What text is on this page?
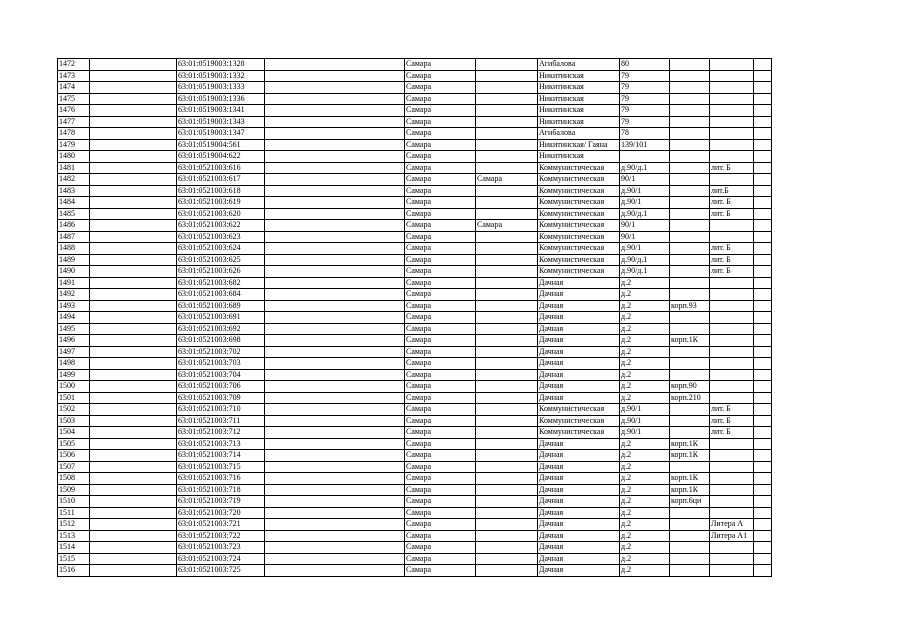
1472		63:01:0519003:1328		Самара		Агибалова	80			
1473		63:01:0519003:1332		Самара		Никитинская	79			
1474		63:01:0519003:1333		Самара		Никитинская	79			
1475		63:01:0519003:1336		Самара		Никитинская	79			
1476		63:01:0519003:1341		Самара		Никитинская	79			
1477		63:01:0519003:1343		Самара		Никитинская	79			
1478		63:01:0519003:1347		Самара		Агибалова	78			
1479		63:01:0519004:561		Самара		Никитинская/ Гаяна	139/101			
1480		63:01:0519004:622		Самара		Никитинская				
1481		63:01:0521003:616		Самара		Коммунистическая	д.90/д.1		лит. Б	
1482		63:01:0521003:617		Самара	Самара	Коммунистическая	90/1			
1483		63:01:0521003:618		Самара		Коммунистическая	д.90/1		лит.Б	
1484		63:01:0521003:619		Самара		Коммунистическая	д.90/1		лит. Б	
1485		63:01:0521003:620		Самара		Коммунистическая	д.90/д.1		лит. Б	
1486		63:01:0521003:622		Самара	Самара	Коммунистическая	90/1			
1487		63:01:0521003:623		Самара		Коммунистическая	90/1			
1488		63:01:0521003:624		Самара		Коммунистическая	д.90/1		лит. Б	
1489		63:01:0521003:625		Самара		Коммунистическая	д.90/д.1		лит. Б	
1490		63:01:0521003:626		Самара		Коммунистическая	д.90/д.1		лит. Б	
1491		63:01:0521003:682		Самара		Дачная	д.2			
1492		63:01:0521003:684		Самара		Дачная	д.2			
1493		63:01:0521003:689		Самара		Дачная	д.2	корп.93		
1494		63:01:0521003:691		Самара		Дачная	д.2			
1495		63:01:0521003:692		Самара		Дачная	д.2			
1496		63:01:0521003:698		Самара		Дачная	д.2	корп.1К		
1497		63:01:0521003:702		Самара		Дачная	д.2			
1498		63:01:0521003:703		Самара		Дачная	д.2			
1499		63:01:0521003:704		Самара		Дачная	д.2			
1500		63:01:0521003:706		Самара		Дачная	д.2	корп.90		
1501		63:01:0521003:709		Самара		Дачная	д.2	корп.210		
1502		63:01:0521003:710		Самара		Коммунистическая	д.90/1		лит. Б	
1503		63:01:0521003:711		Самара		Коммунистическая	д.90/1		лит. Б	
1504		63:01:0521003:712		Самара		Коммунистическая	д.90/1		лит. Б	
1505		63:01:0521003:713		Самара		Дачная	д.2	корп.1К		
1506		63:01:0521003:714		Самара		Дачная	д.2	корп.1К		
1507		63:01:0521003:715		Самара		Дачная	д.2			
1508		63:01:0521003:716		Самара		Дачная	д.2	корп.1К		
1509		63:01:0521003:718		Самара		Дачная	д.2	корп.1К		
1510		63:01:0521003:719		Самара		Дачная	д.2	корп.6ци		
1511		63:01:0521003:720		Самара		Дачная	д.2			
1512		63:01:0521003:721		Самара		Дачная	д.2		Литера А	
1513		63:01:0521003:722		Самара		Дачная	д.2		Литера А1	
1514		63:01:0521003:723		Самара		Дачная	д.2			
1515		63:01:0521003:724		Самара		Дачная	д.2			
1516		63:01:0521003:725		Самара		Дачная	д.2			
